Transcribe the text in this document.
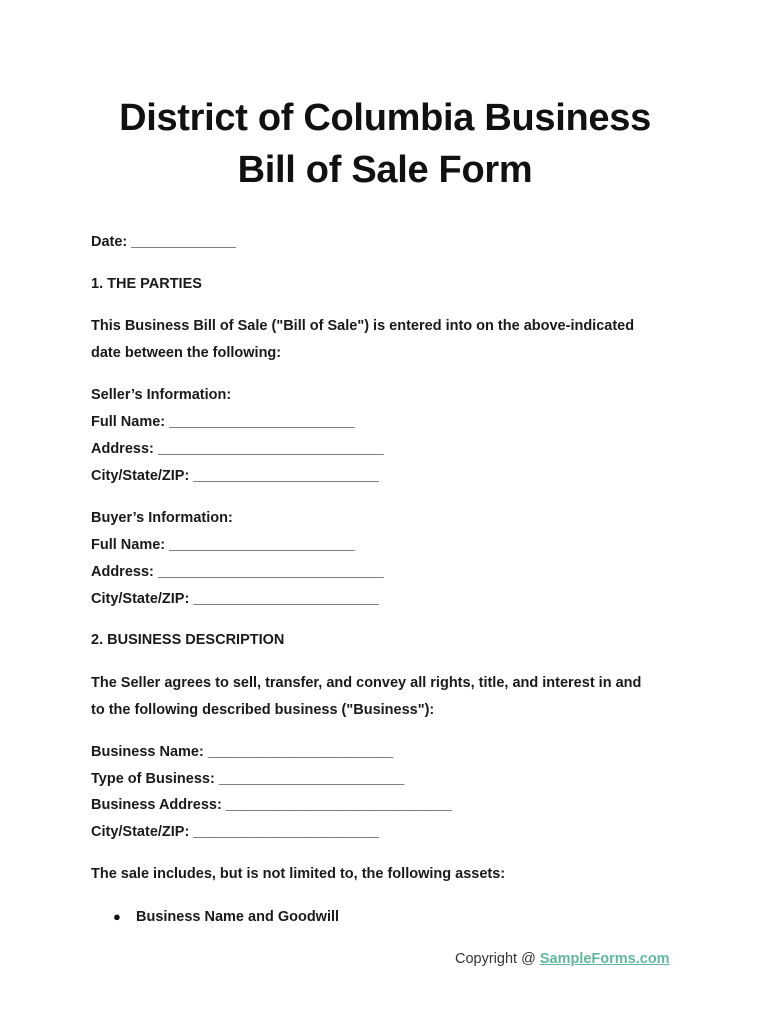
District of Columbia Business
Bill of Sale Form
Date: _____________
1. THE PARTIES
This Business Bill of Sale ("Bill of Sale") is entered into on the above-indicated
date between the following:
Seller’s Information:
Full Name: _______________________
Address: ____________________________
City/State/ZIP: _______________________
Buyer’s Information:
Full Name: _______________________
Address: ____________________________
City/State/ZIP: _______________________
2. BUSINESS DESCRIPTION
The Seller agrees to sell, transfer, and convey all rights, title, and interest in and
to the following described business ("Business"):
Business Name: _______________________
Type of Business: _______________________
Business Address: ____________________________
City/State/ZIP: _______________________
The sale includes, but is not limited to, the following assets:
● Business Name and Goodwill
Copyright @ SampleForms.com
